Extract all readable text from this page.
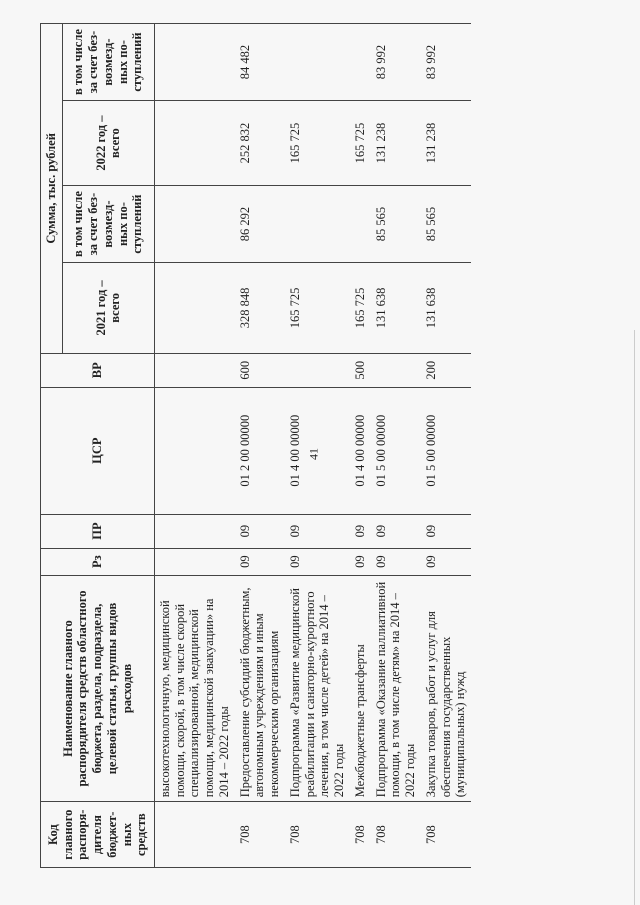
41
Код главного распоря-дителя бюджет-ных средств	Наименование главного распорядителя средств областного бюджета, раздела, подраздела, целевой статьи, группы видов расходов	Рз	ПР	ЦСР	ВР	Сумма, тыс. рублей			
						2021 год – всего	в том числе за счет без-возмезд-ных по-ступлений	2022 год – всего	в том числе за счет без-возмезд-ных по-ступлений
	высокотехнологичную, медицинской помощи, скорой, в том числе скорой специализированной, медицинской помощи, медицинской эвакуации» на 2014 – 2022 годы								
708	Предоставление субсидий бюджетным, автономным учреждениям и иным некоммерческим организациям	09	09	01 2 00 00000	600	328 848	86 292	252 832	84 482
708	Подпрограмма «Развитие медицинской реабилитации и санаторно-курортного лечения, в том числе детей» на 2014 – 2022 годы	09	09	01 4 00 00000		165 725		165 725	
708	Межбюджетные трансферты	09	09	01 4 00 00000	500	165 725		165 725	
708	Подпрограмма «Оказание паллиативной помощи, в том числе детям» на 2014 – 2022 годы	09	09	01 5 00 00000		131 638	85 565	131 238	83 992
708	Закупка товаров, работ и услуг для обеспечения государственных (муниципальных) нужд	09	09	01 5 00 00000	200	131 638	85 565	131 238	83 992
